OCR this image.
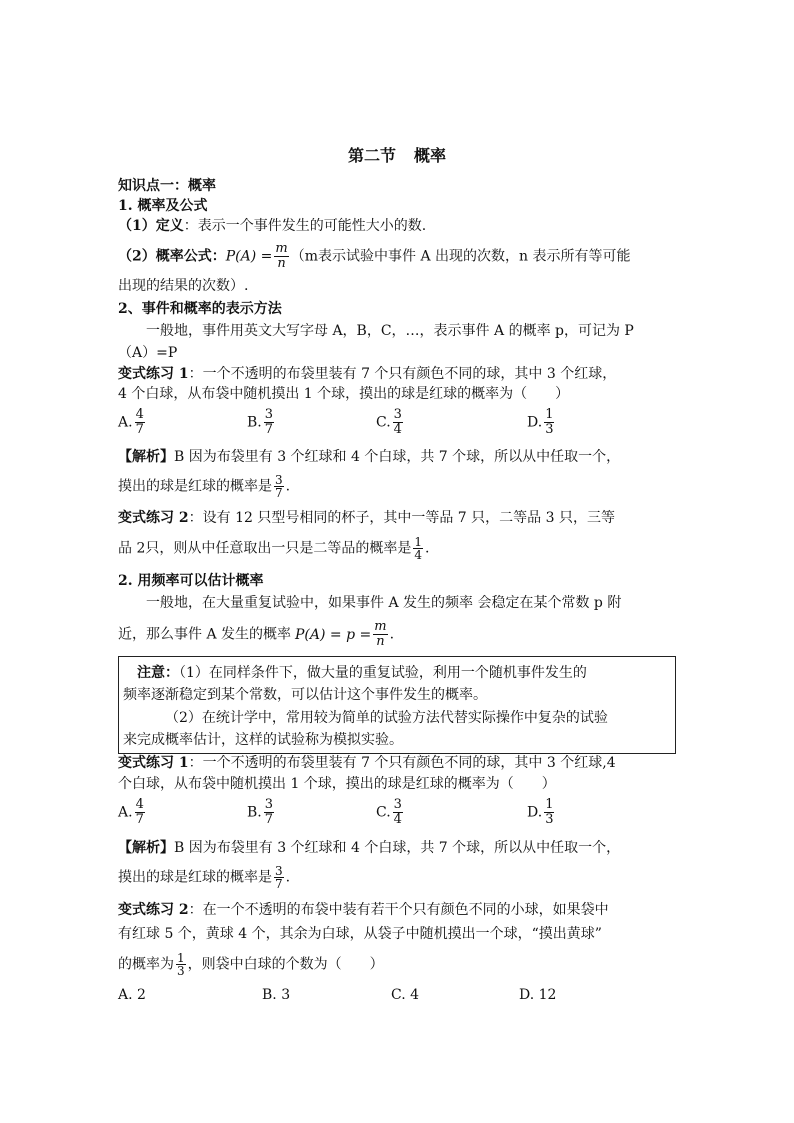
第二节 概率
知识点一：概率
1. 概率及公式
（1）定义：表示一个事件发生的可能性大小的数.
（2）概率公式：$P(A) = \frac{m}{n} (m$表示试验中事件 A 出现的次数，n 表示所有等可能
出现的结果的次数）.
2、事件和概率的表示方法
一般地，事件用英文大写字母 A，B，C，…，表示事件 A 的概率 p，可记为 P
（A）=P
变式练习 1：一个不透明的布袋里装有 7 个只有颜色不同的球，其中 3 个红球，
4 个白球，从布袋中随机摸出 1 个球，摸出的球是红球的概率为（　　）
A. $\frac{4}{7}$	B. $\frac{3}{7}$	C. $\frac{3}{4}$	D. $\frac{1}{3}$
【解析】B 因为布袋里有 3 个红球和 4 个白球，共 7 个球，所以从中任取一个，
摸出的球是红球的概率是 $\frac{3}{7}$ .
变式练习 2：设有 12 只型号相同的杯子，其中一等品 7 只，二等品 3 只，三等
品 2只，则从中任意取出一只是二等品的概率是 $\frac{1}{4}$ .
2. 用频率可以估计概率
一般地，在大量重复试验中，如果事件 A 发生的频率 会稳定在某个常数 p 附
近，那么事件 A 发生的概率 $P(A) = p = \frac{m}{n}$ .
注意：（1）在同样条件下，做大量的重复试验，利用一个随机事件发生的
频率逐渐稳定到某个常数，可以估计这个事件发生的概率。
（2）在统计学中，常用较为简单的试验方法代替实际操作中复杂的试验
来完成概率估计，这样的试验称为模拟实验。
变式练习 1：一个不透明的布袋里装有 7 个只有颜色不同的球，其中 3 个红球,4
个白球，从布袋中随机摸出 1 个球，摸出的球是红球的概率为（　　）
A. $\frac{4}{7}$	B. $\frac{3}{7}$	C. $\frac{3}{4}$	D. $\frac{1}{3}$
【解析】B 因为布袋里有 3 个红球和 4 个白球，共 7 个球，所以从中任取一个，
摸出的球是红球的概率是 $\frac{3}{7}$ .
变式练习 2：在一个不透明的布袋中装有若干个只有颜色不同的小球，如果袋中
有红球 5 个，黄球 4 个，其余为白球，从袋子中随机摸出一个球，“摸出黄球”
的概率为 $\frac{1}{3}$ ，则袋中白球的个数为（　　）
A. 2	B. 3	C. 4	D. 12
